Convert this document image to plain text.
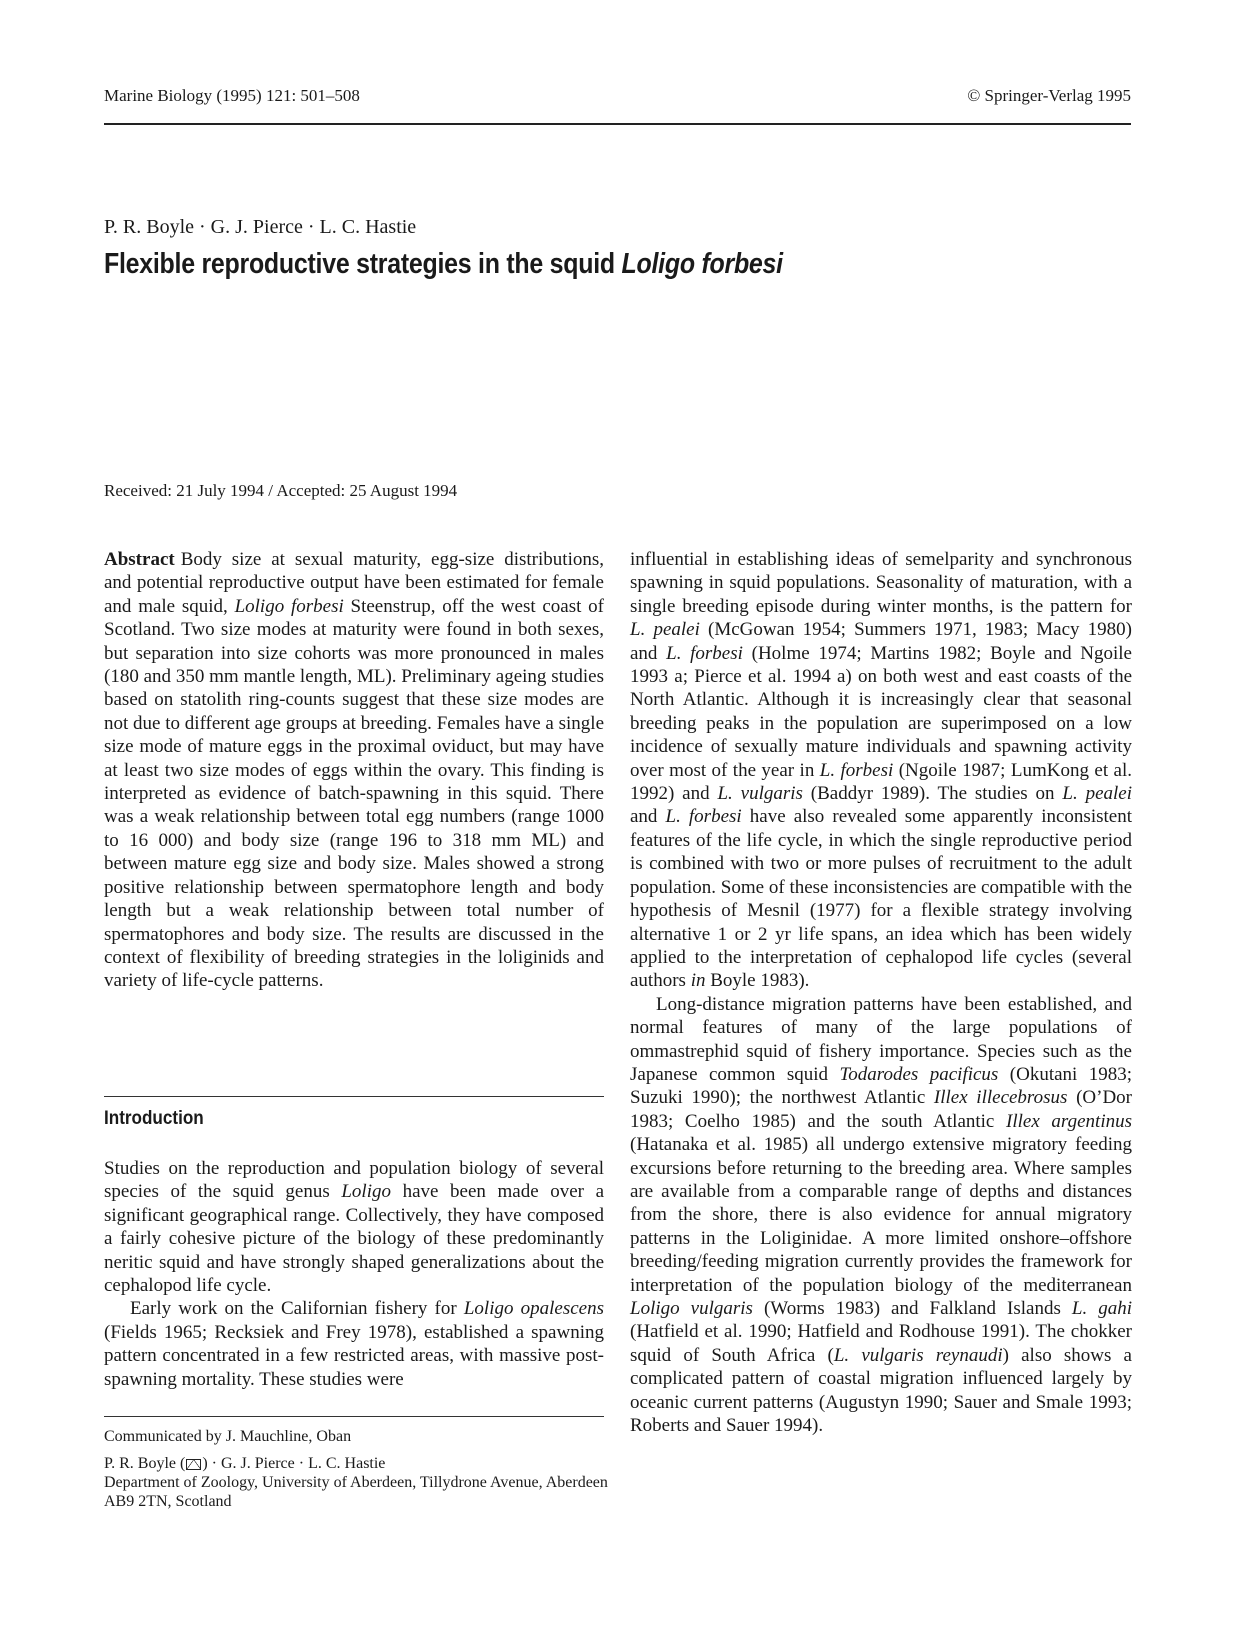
Marine Biology (1995) 121: 501–508	© Springer-Verlag 1995
P. R. Boyle · G. J. Pierce · L. C. Hastie
Flexible reproductive strategies in the squid Loligo forbesi
Received: 21 July 1994 / Accepted: 25 August 1994

Abstract Body size at sexual maturity, egg-size distributions, and potential reproductive output have been estimated for female and male squid, Loligo forbesi Steenstrup, off the west coast of Scotland. Two size modes at maturity were found in both sexes, but separation into size cohorts was more pronounced in males (180 and 350 mm mantle length, ML). Preliminary ageing studies based on statolith ring-counts suggest that these size modes are not due to different age groups at breeding. Females have a single size mode of mature eggs in the proximal oviduct, but may have at least two size modes of eggs within the ovary. This finding is interpreted as evidence of batch-spawning in this squid. There was a weak relationship between total egg numbers (range 1000 to 16 000) and body size (range 196 to 318 mm ML) and between mature egg size and body size. Males showed a strong positive relationship between spermatophore length and body length but a weak relationship between total number of spermatophores and body size. The results are discussed in the context of flexibility of breeding strategies in the loliginids and variety of life-cycle patterns.

Introduction

Studies on the reproduction and population biology of several species of the squid genus Loligo have been made over a significant geographical range. Collectively, they have composed a fairly cohesive picture of the biology of these predominantly neritic squid and have strongly shaped generalizations about the cephalopod life cycle.

Early work on the Californian fishery for Loligo opalescens (Fields 1965; Recksiek and Frey 1978), established a spawning pattern concentrated in a few restricted areas, with massive post-spawning mortality. These studies were

Communicated by J. Mauchline, Oban
P. R. Boyle ( ) · G. J. Pierce · L. C. Hastie
Department of Zoology, University of Aberdeen, Tillydrone Avenue, Aberdeen AB9 2TN, Scotland

influential in establishing ideas of semelparity and synchronous spawning in squid populations. Seasonality of maturation, with a single breeding episode during winter months, is the pattern for L. pealei (McGowan 1954; Summers 1971, 1983; Macy 1980) and L. forbesi (Holme 1974; Martins 1982; Boyle and Ngoile 1993 a; Pierce et al. 1994 a) on both west and east coasts of the North Atlantic. Although it is increasingly clear that seasonal breeding peaks in the population are superimposed on a low incidence of sexually mature individuals and spawning activity over most of the year in L. forbesi (Ngoile 1987; LumKong et al. 1992) and L. vulgaris (Baddyr 1989). The studies on L. pealei and L. forbesi have also revealed some apparently inconsistent features of the life cycle, in which the single reproductive period is combined with two or more pulses of recruitment to the adult population. Some of these inconsistencies are compatible with the hypothesis of Mesnil (1977) for a flexible strategy involving alternative 1 or 2 yr life spans, an idea which has been widely applied to the interpretation of cephalopod life cycles (several authors in Boyle 1983).

Long-distance migration patterns have been established, and normal features of many of the large populations of ommastrephid squid of fishery importance. Species such as the Japanese common squid Todarodes pacificus (Okutani 1983; Suzuki 1990); the northwest Atlantic Illex illecebrosus (O’Dor 1983; Coelho 1985) and the south Atlantic Illex argentinus (Hatanaka et al. 1985) all undergo extensive migratory feeding excursions before returning to the breeding area. Where samples are available from a comparable range of depths and distances from the shore, there is also evidence for annual migratory patterns in the Loliginidae. A more limited onshore–offshore breeding/feeding migration currently provides the framework for interpretation of the population biology of the mediterranean Loligo vulgaris (Worms 1983) and Falkland Islands L. gahi (Hatfield et al. 1990; Hatfield and Rodhouse 1991). The chokker squid of South Africa (L. vulgaris reynaudi) also shows a complicated pattern of coastal migration influenced largely by oceanic current patterns (Augustyn 1990; Sauer and Smale 1993; Roberts and Sauer 1994).
